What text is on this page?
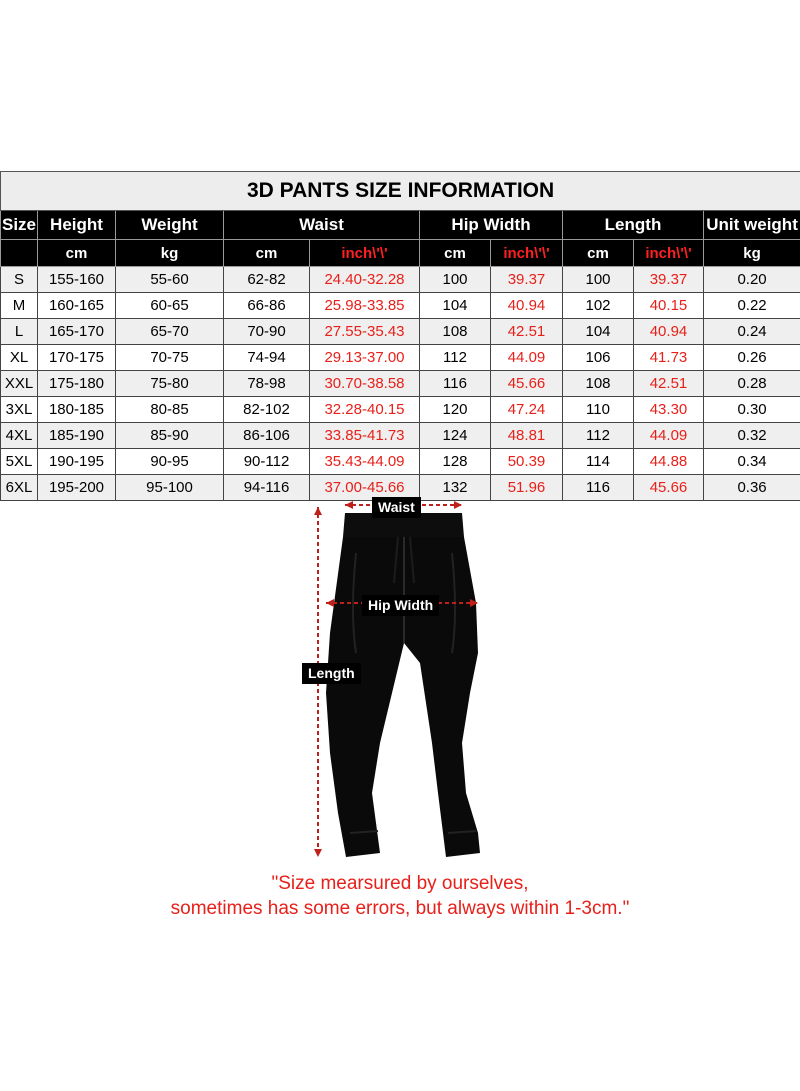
3D PANTS SIZE INFORMATION									
Size	Height	Weight	Waist		Hip Width		Length		Unit weight
	cm	kg	cm	inch\'\'	cm	inch\'\'	cm	inch\'\'	kg
S	155-160	55-60	62-82	24.40-32.28	100	39.37	100	39.37	0.20
M	160-165	60-65	66-86	25.98-33.85	104	40.94	102	40.15	0.22
L	165-170	65-70	70-90	27.55-35.43	108	42.51	104	40.94	0.24
XL	170-175	70-75	74-94	29.13-37.00	112	44.09	106	41.73	0.26
XXL	175-180	75-80	78-98	30.70-38.58	116	45.66	108	42.51	0.28
3XL	180-185	80-85	82-102	32.28-40.15	120	47.24	110	43.30	0.30
4XL	185-190	85-90	86-106	33.85-41.73	124	48.81	112	44.09	0.32
5XL	190-195	90-95	90-112	35.43-44.09	128	50.39	114	44.88	0.34
6XL	195-200	95-100	94-116	37.00-45.66	132	51.96	116	45.66	0.36
Waist
Hip Width
Length
"Size mearsured by ourselves,
sometimes has some errors, but always within 1-3cm."
